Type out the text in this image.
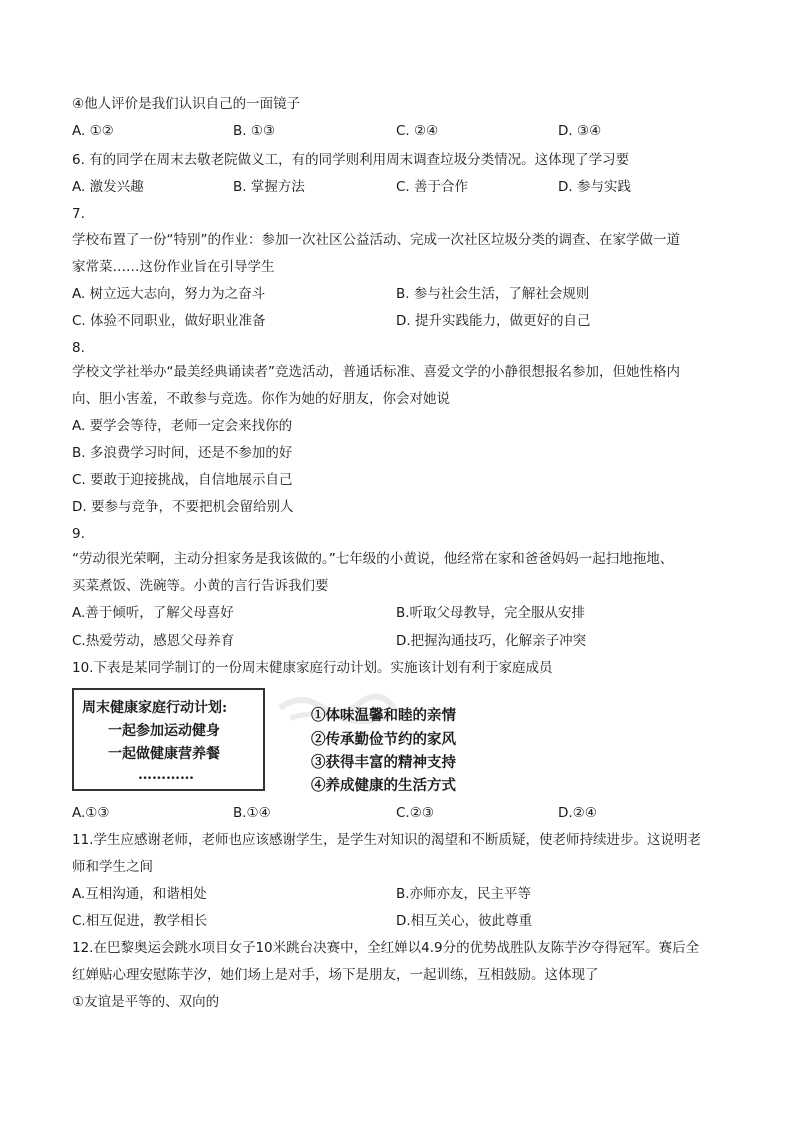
④他人评价是我们认识自己的一面镜子
A. ①②	B. ①③	C. ②④	D. ③④
6. 有的同学在周末去敬老院做义工，有的同学则利用周末调查垃圾分类情况。这体现了学习要
A. 激发兴趣	B. 掌握方法	C. 善于合作	D. 参与实践
7.
学校布置了一份“特别”的作业：参加一次社区公益活动、完成一次社区垃圾分类的调查、在家学做一道
家常菜……这份作业旨在引导学生
A. 树立远大志向，努力为之奋斗	B. 参与社会生活，了解社会规则
C. 体验不同职业，做好职业准备	D. 提升实践能力，做更好的自己
8.
学校文学社举办“最美经典诵读者”竞选活动，普通话标准、喜爱文学的小静很想报名参加，但她性格内
向、胆小害羞，不敢参与竞选。你作为她的好朋友，你会对她说
A. 要学会等待，老师一定会来找你的
B. 多浪费学习时间，还是不参加的好
C. 要敢于迎接挑战，自信地展示自己
D. 要参与竞争，不要把机会留给别人
9.
“劳动很光荣啊，主动分担家务是我该做的。”七年级的小黄说，他经常在家和爸爸妈妈一起扫地拖地、
买菜煮饭、洗碗等。小黄的言行告诉我们要
A.善于倾听，了解父母喜好	B.听取父母教导，完全服从安排
C.热爱劳动，感恩父母养育	D.把握沟通技巧，化解亲子冲突
10.下表是某同学制订的一份周末健康家庭行动计划。实施该计划有利于家庭成员
周末健康家庭行动计划:
一起参加运动健身
一起做健康营养餐
…………
①体味温馨和睦的亲情
②传承勤俭节约的家风
③获得丰富的精神支持
④养成健康的生活方式
A.①③	B.①④	C.②③	D.②④
11.学生应感谢老师，老师也应该感谢学生，是学生对知识的渴望和不断质疑，使老师持续进步。这说明老
师和学生之间
A.互相沟通，和谐相处	B.亦师亦友，民主平等
C.相互促进，教学相长	D.相互关心，彼此尊重
12.在巴黎奥运会跳水项目女子10米跳台决赛中，全红婵以4.9分的优势战胜队友陈芋汐夺得冠军。赛后全
红婵贴心理安慰陈芋汐，她们场上是对手，场下是朋友，一起训练，互相鼓励。这体现了
①友谊是平等的、双向的
